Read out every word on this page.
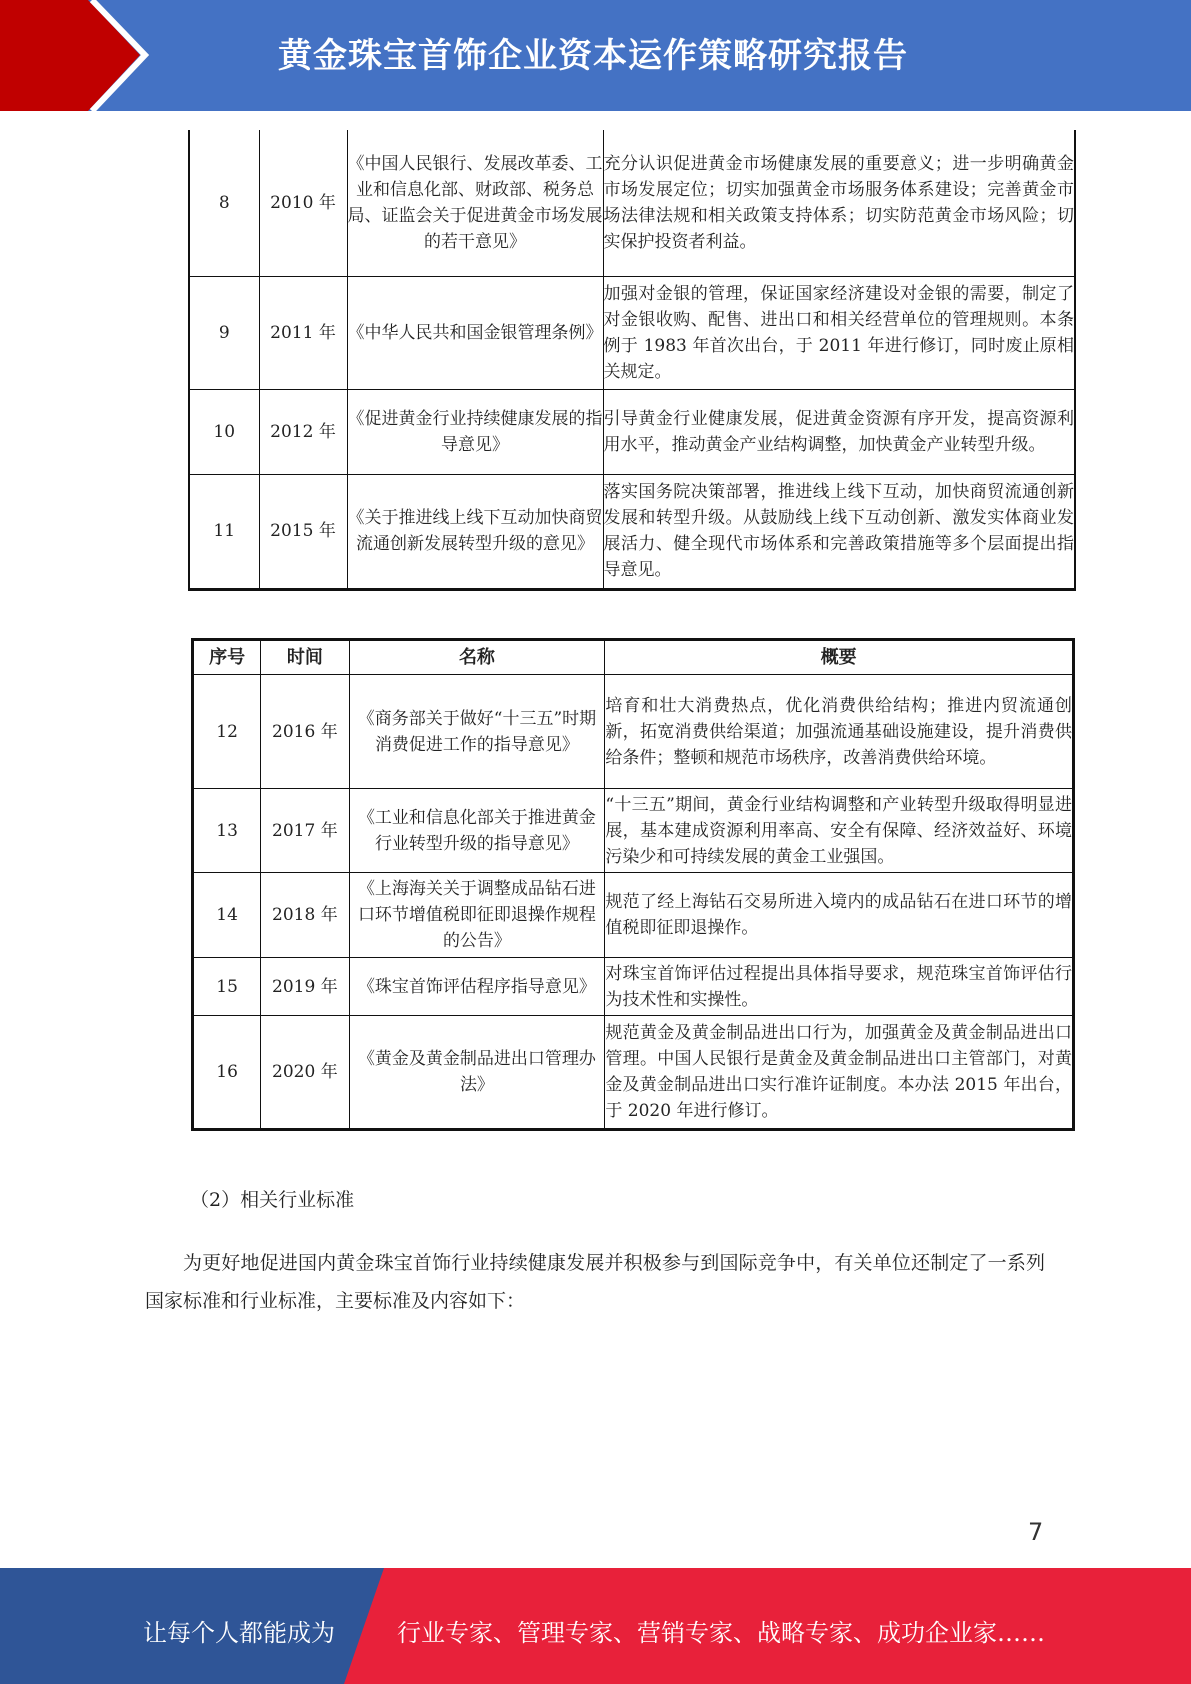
黄金珠宝首饰企业资本运作策略研究报告
8	2010 年	《中国人民银行、发展改革委、工业和信息化部、财政部、税务总局、证监会关于促进黄金市场发展的若干意见》	充分认识促进黄金市场健康发展的重要意义；进一步明确黄金市场发展定位；切实加强黄金市场服务体系建设；完善黄金市场法律法规和相关政策支持体系；切实防范黄金市场风险；切实保护投资者利益。
9	2011 年	《中华人民共和国金银管理条例》	加强对金银的管理，保证国家经济建设对金银的需要，制定了对金银收购、配售、进出口和相关经营单位的管理规则。本条例于 1983 年首次出台，于 2011 年进行修订，同时废止原相关规定。
10	2012 年	《促进黄金行业持续健康发展的指导意见》	引导黄金行业健康发展，促进黄金资源有序开发，提高资源利用水平，推动黄金产业结构调整，加快黄金产业转型升级。
11	2015 年	《关于推进线上线下互动加快商贸流通创新发展转型升级的意见》	落实国务院决策部署，推进线上线下互动，加快商贸流通创新发展和转型升级。从鼓励线上线下互动创新、激发实体商业发展活力、健全现代市场体系和完善政策措施等多个层面提出指导意见。
序号	时间	名称	概要
12	2016 年	《商务部关于做好“十三五”时期消费促进工作的指导意见》	培育和壮大消费热点，优化消费供给结构；推进内贸流通创新，拓宽消费供给渠道；加强流通基础设施建设，提升消费供给条件；整顿和规范市场秩序，改善消费供给环境。
13	2017 年	《工业和信息化部关于推进黄金行业转型升级的指导意见》	“十三五”期间，黄金行业结构调整和产业转型升级取得明显进展，基本建成资源利用率高、安全有保障、经济效益好、环境污染少和可持续发展的黄金工业强国。
14	2018 年	《上海海关关于调整成品钻石进口环节增值税即征即退操作规程的公告》	规范了经上海钻石交易所进入境内的成品钻石在进口环节的增值税即征即退操作。
15	2019 年	《珠宝首饰评估程序指导意见》	对珠宝首饰评估过程提出具体指导要求，规范珠宝首饰评估行为技术性和实操性。
16	2020 年	《黄金及黄金制品进出口管理办法》	规范黄金及黄金制品进出口行为，加强黄金及黄金制品进出口管理。中国人民银行是黄金及黄金制品进出口主管部门，对黄金及黄金制品进出口实行准许证制度。本办法 2015 年出台，于 2020 年进行修订。
（2）相关行业标准
为更好地促进国内黄金珠宝首饰行业持续健康发展并积极参与到国际竞争中，有关单位还制定了一系列国家标准和行业标准，主要标准及内容如下：
7
让每个人都能成为	行业专家、管理专家、营销专家、战略专家、成功企业家……
